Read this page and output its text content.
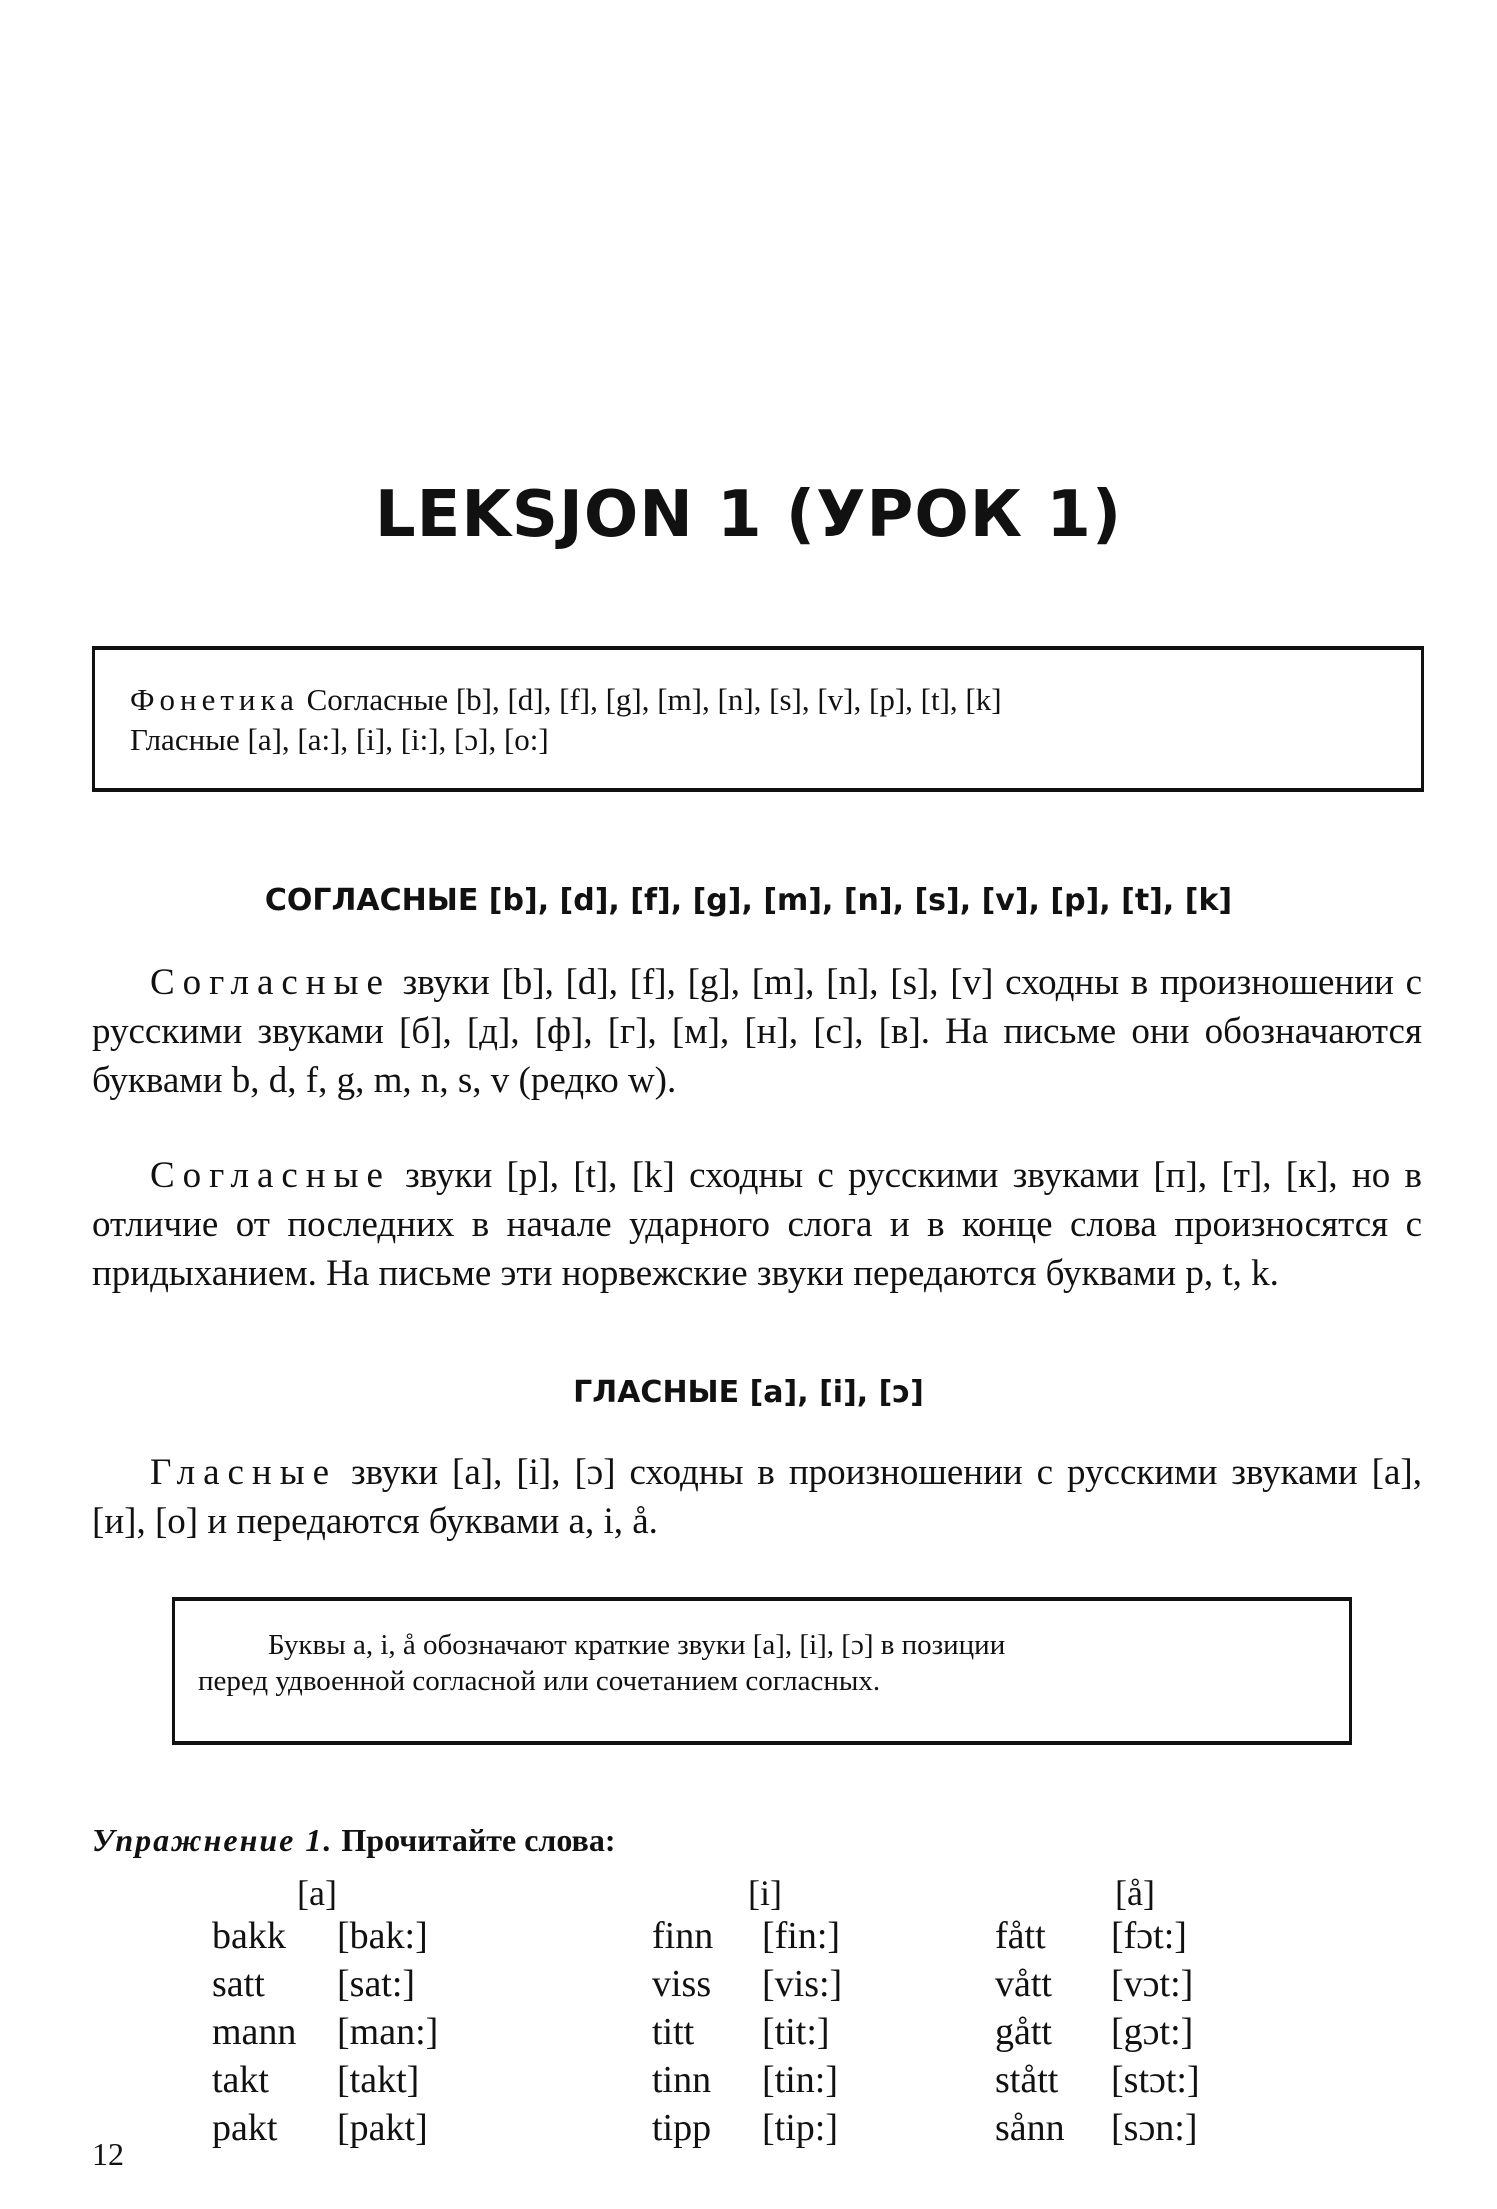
LEKSJON 1 (УРОК 1)
Фонетика Согласные [b], [d], [f], [g], [m], [n], [s], [v], [p], [t], [k]
Гласные [a], [a:], [i], [i:], [ɔ], [o:]
СОГЛАСНЫЕ [b], [d], [f], [g], [m], [n], [s], [v], [p], [t], [k]
Согласные звуки [b], [d], [f], [g], [m], [n], [s], [v] сходны в произношении с русскими звуками [б], [д], [ф], [г], [м], [н], [с], [в]. На письме они обозначаются буквами b, d, f, g, m, n, s, v (редко w).
Согласные звуки [p], [t], [k] сходны с русскими звуками [п], [т], [к], но в отличие от последних в начале ударного слога и в конце слова произносятся с придыханием. На письме эти норвежские звуки передаются буквами p, t, k.
ГЛАСНЫЕ [a], [i], [ɔ]
Гласные звуки [a], [i], [ɔ] сходны в произношении с русскими звуками [а], [и], [о] и передаются буквами a, i, å.
Буквы a, i, å обозначают краткие звуки [a], [i], [ɔ] в позиции
перед удвоенной согласной или сочетанием согласных.
Упражнение 1. Прочитайте слова:
[a]
bakk [bak:]
satt [sat:]
mann [man:]
takt [takt]
pakt [pakt]
[i]
finn [fin:]
viss [vis:]
titt [tit:]
tinn [tin:]
tipp [tip:]
[å]
fått [fɔt:]
vått [vɔt:]
gått [gɔt:]
stått [stɔt:]
sånn [sɔn:]
12
